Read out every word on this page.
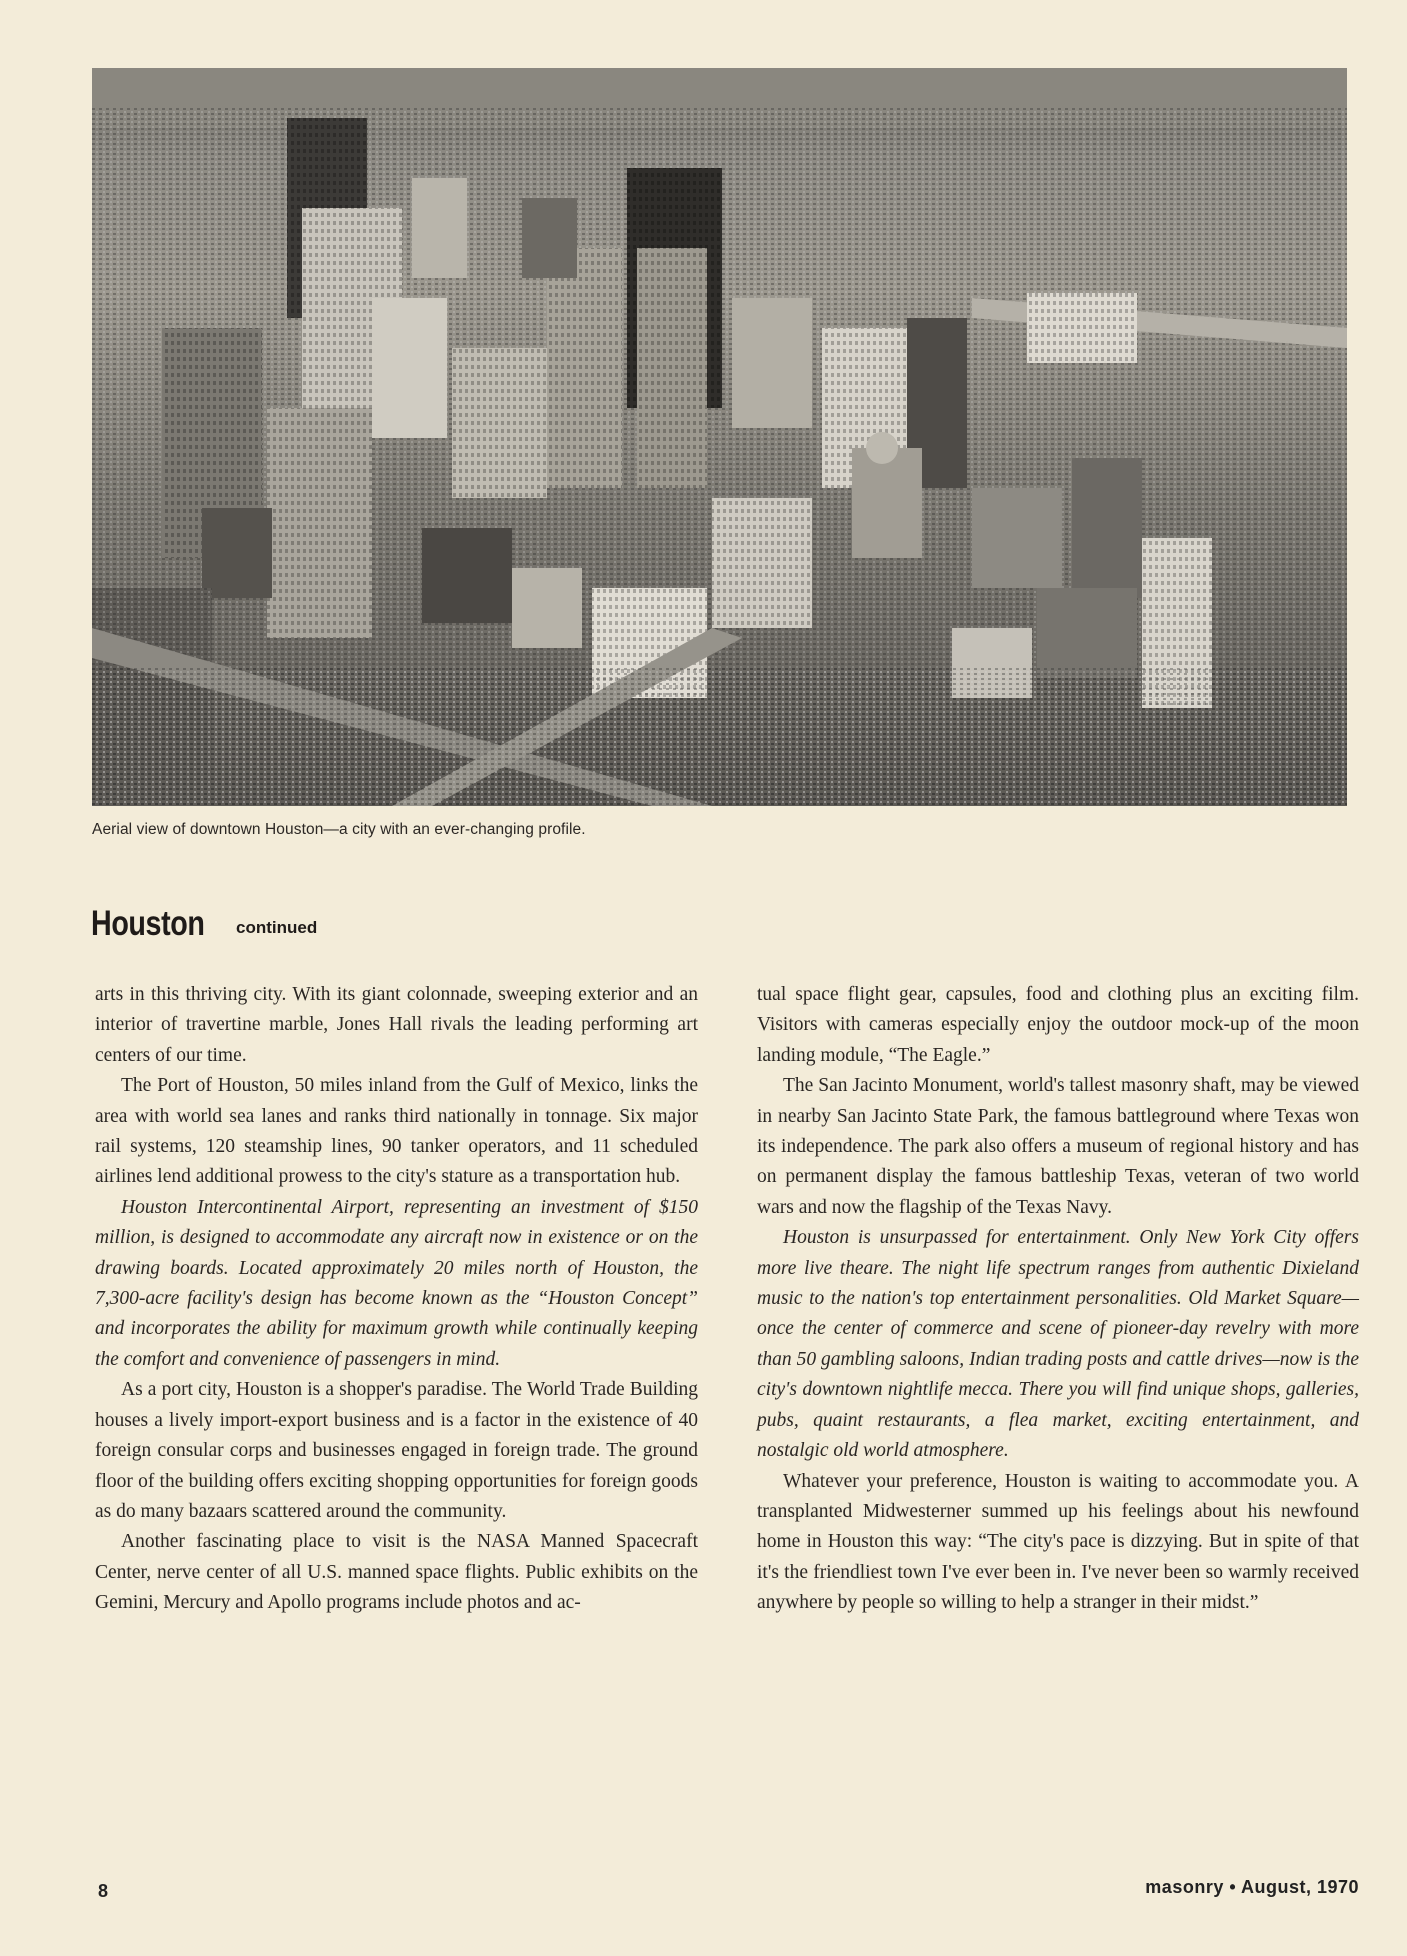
Aerial view of downtown Houston—a city with an ever-changing profile.
Houston continued

arts in this thriving city. With its giant colonnade, sweeping exterior and an interior of travertine marble, Jones Hall rivals the leading performing art centers of our time.

The Port of Houston, 50 miles inland from the Gulf of Mexico, links the area with world sea lanes and ranks third nationally in tonnage. Six major rail systems, 120 steamship lines, 90 tanker operators, and 11 scheduled airlines lend additional prowess to the city's stature as a transportation hub.

Houston Intercontinental Airport, representing an investment of $150 million, is designed to accommodate any aircraft now in existence or on the drawing boards. Located approximately 20 miles north of Houston, the 7,300-acre facility's design has become known as the “Houston Concept” and incorporates the ability for maximum growth while continually keeping the comfort and convenience of passengers in mind.

As a port city, Houston is a shopper's paradise. The World Trade Building houses a lively import-export business and is a factor in the existence of 40 foreign consular corps and businesses engaged in foreign trade. The ground floor of the building offers exciting shopping opportunities for foreign goods as do many bazaars scattered around the community.

Another fascinating place to visit is the NASA Manned Spacecraft Center, nerve center of all U.S. manned space flights. Public exhibits on the Gemini, Mercury and Apollo programs include photos and ac-

tual space flight gear, capsules, food and clothing plus an exciting film. Visitors with cameras especially enjoy the outdoor mock-up of the moon landing module, “The Eagle.”

The San Jacinto Monument, world's tallest masonry shaft, may be viewed in nearby San Jacinto State Park, the famous battleground where Texas won its independence. The park also offers a museum of regional history and has on permanent display the famous battleship Texas, veteran of two world wars and now the flagship of the Texas Navy.

Houston is unsurpassed for entertainment. Only New York City offers more live theare. The night life spectrum ranges from authentic Dixieland music to the nation's top entertainment personalities. Old Market Square—once the center of commerce and scene of pioneer-day revelry with more than 50 gambling saloons, Indian trading posts and cattle drives—now is the city's downtown nightlife mecca. There you will find unique shops, galleries, pubs, quaint restaurants, a flea market, exciting entertainment, and nostalgic old world atmosphere.

Whatever your preference, Houston is waiting to accommodate you. A transplanted Midwesterner summed up his feelings about his newfound home in Houston this way: “The city's pace is dizzying. But in spite of that it's the friendliest town I've ever been in. I've never been so warmly received anywhere by people so willing to help a stranger in their midst.”

8	masonry • August, 1970
